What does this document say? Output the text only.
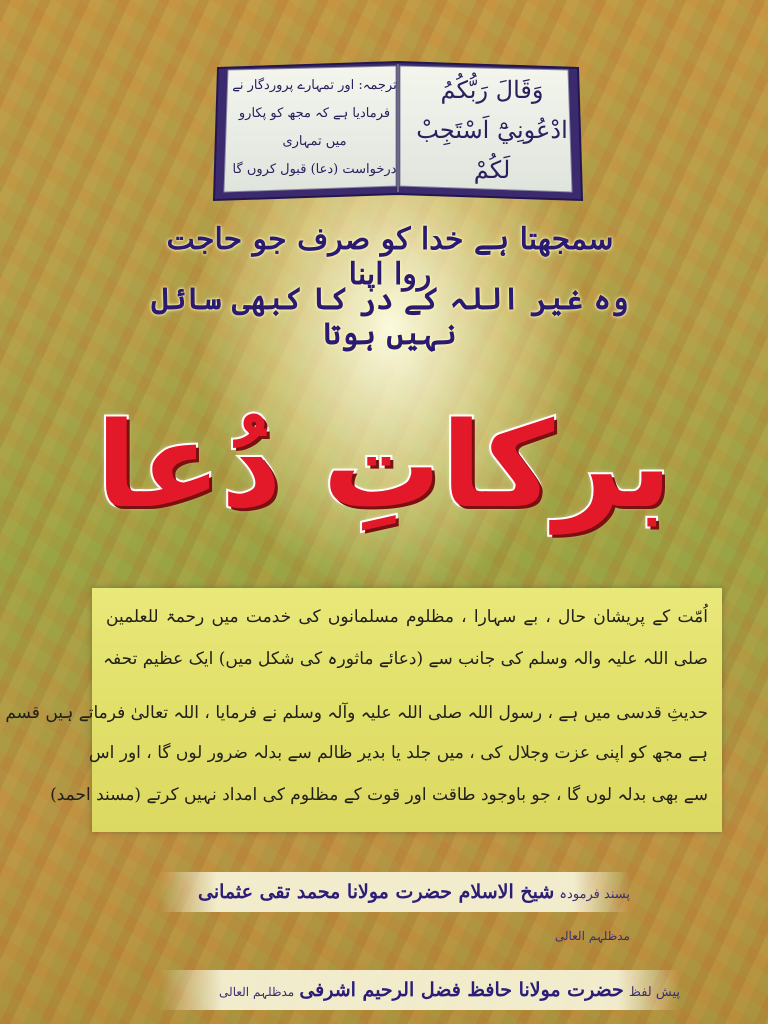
وَقَالَ رَبُّكُمُ
ادْعُونِيْٓ اَسْتَجِبْ لَكُمْ
ترجمہ: اور تمہارے پروردگار نے
فرمادیا ہے کہ مجھ کو پکارو میں تمہاری
درخواست (دعا) قبول کروں گا
سمجھتا ہے خدا کو صرف جو حاجت روا اپنا
وہ غیر اللہ کے در کا کبھی سائل نہیں ہوتا
برکاتِ دُعا

اُمّت کے پریشان حال ، بے سہارا ، مظلوم مسلمانوں کی خدمت میں رحمۃ للعلمین

صلی اللہ علیہ والہ وسلم کی جانب سے (دعائے ماثورہ کی شکل میں) ایک عظیم تحفہ

حدیثِ قدسی میں ہے ، رسول اللہ صلی اللہ علیہ وآلہ وسلم نے فرمایا ، اللہ تعالیٰ فرماتے ہیں قسم

ہے مجھ کو اپنی عزت وجلال کی ، میں جلد یا بدیر ظالم سے بدلہ ضرور لوں گا ، اور اس

سے بھی بدلہ لوں گا ، جو باوجود طاقت اور قوت کے مظلوم کی امداد نہیں کرتے (مسند احمد)

پسند فرمودہ شیخ الاسلام حضرت مولانا محمد تقی عثمانی مدظلہم العالی
پیش لفظ حضرت مولانا حافظ فضل الرحیم اشرفی مدظلہم العالی
